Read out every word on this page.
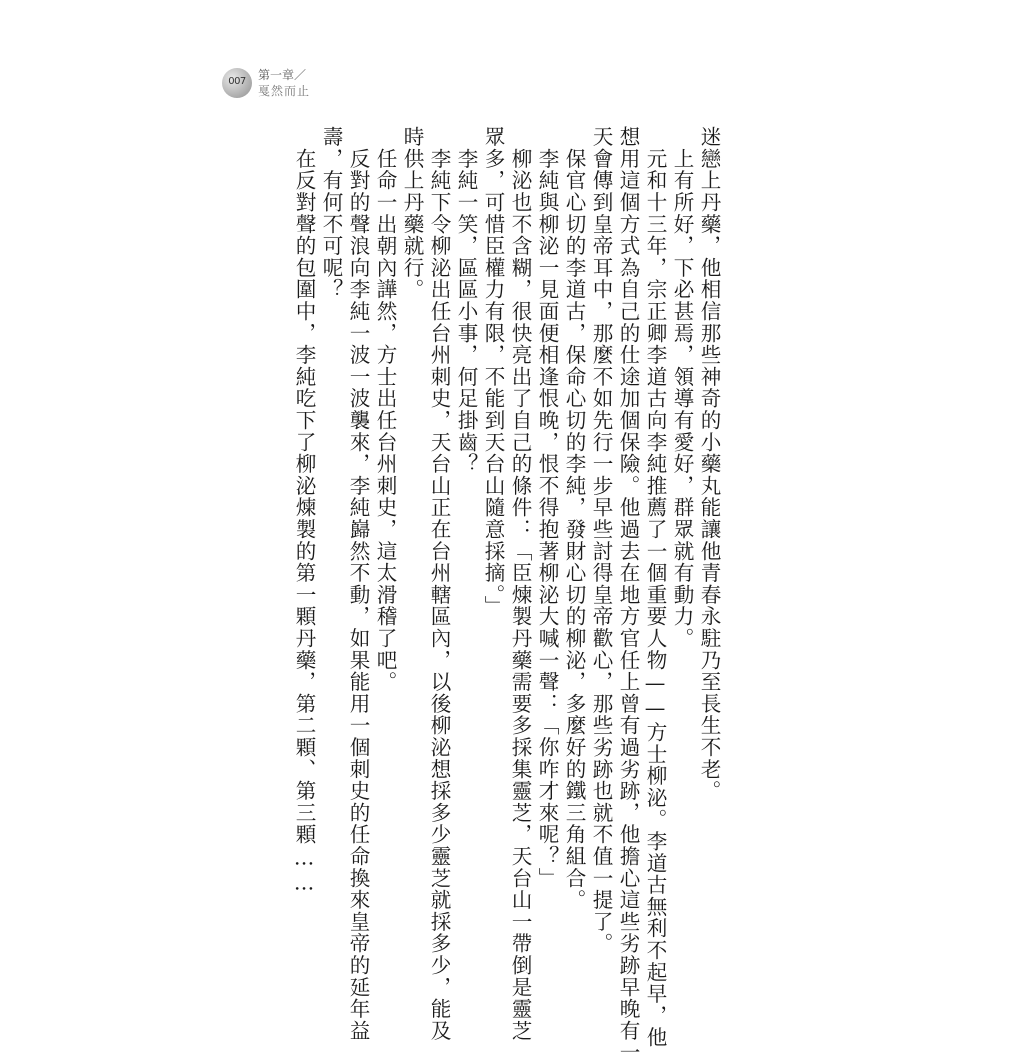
007	第一章／
戛然而止
迷戀上丹藥，他相信那些神奇的小藥丸能讓他青春永駐乃至長生不老。
　上有所好，下必甚焉，領導有愛好，群眾就有動力。
　元和十三年，宗正卿李道古向李純推薦了一個重要人物——方士柳泌。李道古無利不起早，他
想用這個方式為自己的仕途加個保險。他過去在地方官任上曾有過劣跡，他擔心這些劣跡早晚有一
天會傳到皇帝耳中，那麼不如先行一步早些討得皇帝歡心，那些劣跡也就不值一提了。
　保官心切的李道古，保命心切的李純，發財心切的柳泌，多麼好的鐵三角組合。
　李純與柳泌一見面便相逢恨晚，恨不得抱著柳泌大喊一聲：「你咋才來呢？」
　柳泌也不含糊，很快亮出了自己的條件：「臣煉製丹藥需要多採集靈芝，天台山一帶倒是靈芝
眾多，可惜臣權力有限，不能到天台山隨意採摘。」
　李純一笑，區區小事，何足掛齒？
　李純下令柳泌出任台州刺史，天台山正在台州轄區內，以後柳泌想採多少靈芝就採多少，能及
時供上丹藥就行。
　任命一出朝內譁然，方士出任台州刺史，這太滑稽了吧。
　反對的聲浪向李純一波一波襲來，李純巋然不動，如果能用一個刺史的任命換來皇帝的延年益
壽，有何不可呢？
　在反對聲的包圍中，李純吃下了柳泌煉製的第一顆丹藥，第二顆、第三顆……
